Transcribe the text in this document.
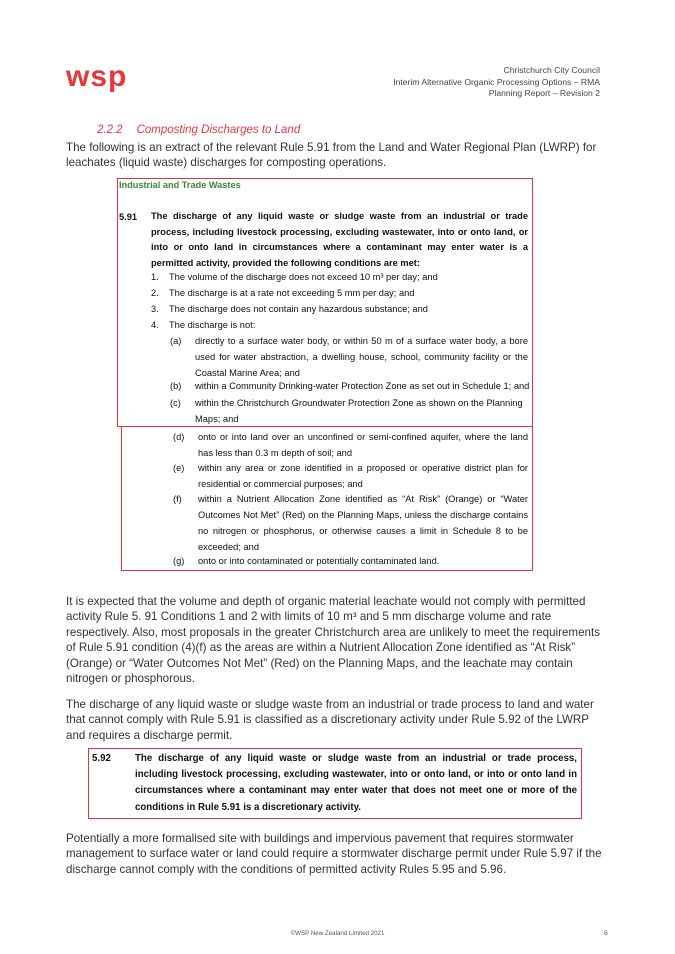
wsp	Christchurch City Council
Interim Alternative Organic Processing Options – RMA
Planning Report – Revision 2
2.2.2 Composting Discharges to Land
The following is an extract of the relevant Rule 5.91 from the Land and Water Regional Plan (LWRP) for leachates (liquid waste) discharges for composting operations.
Industrial and Trade Wastes
5.91 The discharge of any liquid waste or sludge waste from an industrial or trade process, including livestock processing, excluding wastewater, into or onto land, or into or onto land in circumstances where a contaminant may enter water is a permitted activity, provided the following conditions are met:
1. The volume of the discharge does not exceed 10 m³ per day; and
2. The discharge is at a rate not exceeding 5 mm per day; and
3. The discharge does not contain any hazardous substance; and
4. The discharge is not:
(a) directly to a surface water body, or within 50 m of a surface water body, a bore used for water abstraction, a dwelling house, school, community facility or the Coastal Marine Area; and
(b) within a Community Drinking-water Protection Zone as set out in Schedule 1; and
(c) within the Christchurch Groundwater Protection Zone as shown on the Planning Maps; and
(d) onto or into land over an unconfined or semi-confined aquifer, where the land has less than 0.3 m depth of soil; and
(e) within any area or zone identified in a proposed or operative district plan for residential or commercial purposes; and
(f) within a Nutrient Allocation Zone identified as “At Risk” (Orange) or “Water Outcomes Not Met” (Red) on the Planning Maps, unless the discharge contains no nitrogen or phosphorus, or otherwise causes a limit in Schedule 8 to be exceeded; and
(g) onto or into contaminated or potentially contaminated land.
It is expected that the volume and depth of organic material leachate would not comply with permitted activity Rule 5. 91 Conditions 1 and 2 with limits of 10 m³ and 5 mm discharge volume and rate respectively. Also, most proposals in the greater Christchurch area are unlikely to meet the requirements of Rule 5.91 condition (4)(f) as the areas are within a Nutrient Allocation Zone identified as “At Risk” (Orange) or “Water Outcomes Not Met” (Red) on the Planning Maps, and the leachate may contain nitrogen or phosphorous.
The discharge of any liquid waste or sludge waste from an industrial or trade process to land and water that cannot comply with Rule 5.91 is classified as a discretionary activity under Rule 5.92 of the LWRP and requires a discharge permit.
5.92 The discharge of any liquid waste or sludge waste from an industrial or trade process, including livestock processing, excluding wastewater, into or onto land, or into or onto land in circumstances where a contaminant may enter water that does not meet one or more of the conditions in Rule 5.91 is a discretionary activity.
Potentially a more formalised site with buildings and impervious pavement that requires stormwater management to surface water or land could require a stormwater discharge permit under Rule 5.97 if the discharge cannot comply with the conditions of permitted activity Rules 5.95 and 5.96.
©WSP New Zealand Limited 2021	6
